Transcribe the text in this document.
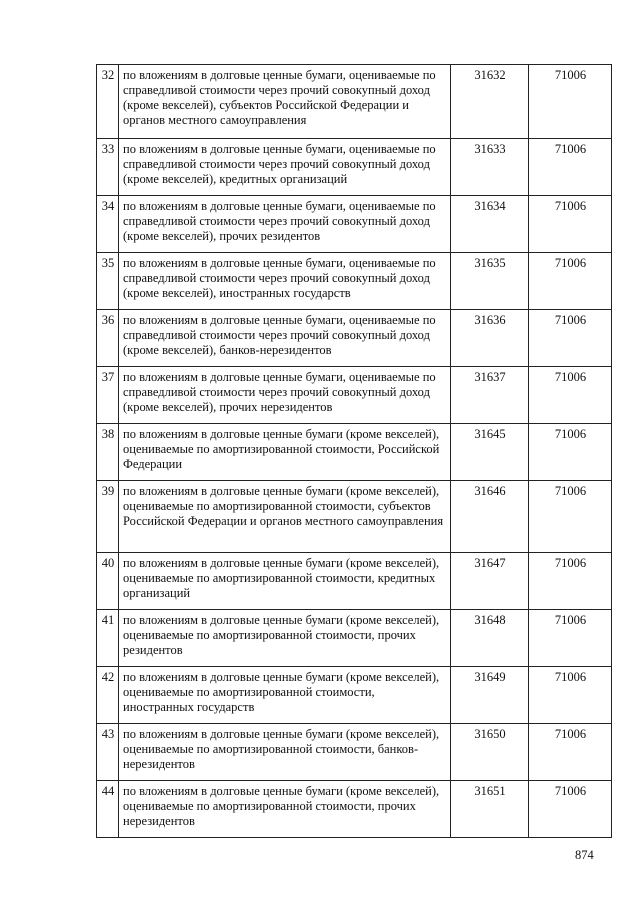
32	по вложениям в долговые ценные бумаги, оцениваемые по справедливой стоимости через прочий совокупный доход (кроме векселей), субъектов Российской Федерации и органов местного самоуправления	31632	71006
33	по вложениям в долговые ценные бумаги, оцениваемые по справедливой стоимости через прочий совокупный доход (кроме векселей), кредитных организаций	31633	71006
34	по вложениям в долговые ценные бумаги, оцениваемые по справедливой стоимости через прочий совокупный доход (кроме векселей), прочих резидентов	31634	71006
35	по вложениям в долговые ценные бумаги, оцениваемые по справедливой стоимости через прочий совокупный доход (кроме векселей), иностранных государств	31635	71006
36	по вложениям в долговые ценные бумаги, оцениваемые по справедливой стоимости через прочий совокупный доход (кроме векселей), банков-нерезидентов	31636	71006
37	по вложениям в долговые ценные бумаги, оцениваемые по справедливой стоимости через прочий совокупный доход (кроме векселей), прочих нерезидентов	31637	71006
38	по вложениям в долговые ценные бумаги (кроме векселей), оцениваемые по амортизированной стоимости, Российской Федерации	31645	71006
39	по вложениям в долговые ценные бумаги (кроме векселей), оцениваемые по амортизированной стоимости, субъектов Российской Федерации и органов местного самоуправления	31646	71006
40	по вложениям в долговые ценные бумаги (кроме векселей), оцениваемые по амортизированной стоимости, кредитных организаций	31647	71006
41	по вложениям в долговые ценные бумаги (кроме векселей), оцениваемые по амортизированной стоимости, прочих резидентов	31648	71006
42	по вложениям в долговые ценные бумаги (кроме векселей), оцениваемые по амортизированной стоимости, иностранных государств	31649	71006
43	по вложениям в долговые ценные бумаги (кроме векселей), оцениваемые по амортизированной стоимости, банков-нерезидентов	31650	71006
44	по вложениям в долговые ценные бумаги (кроме векселей), оцениваемые по амортизированной стоимости, прочих нерезидентов	31651	71006
874
